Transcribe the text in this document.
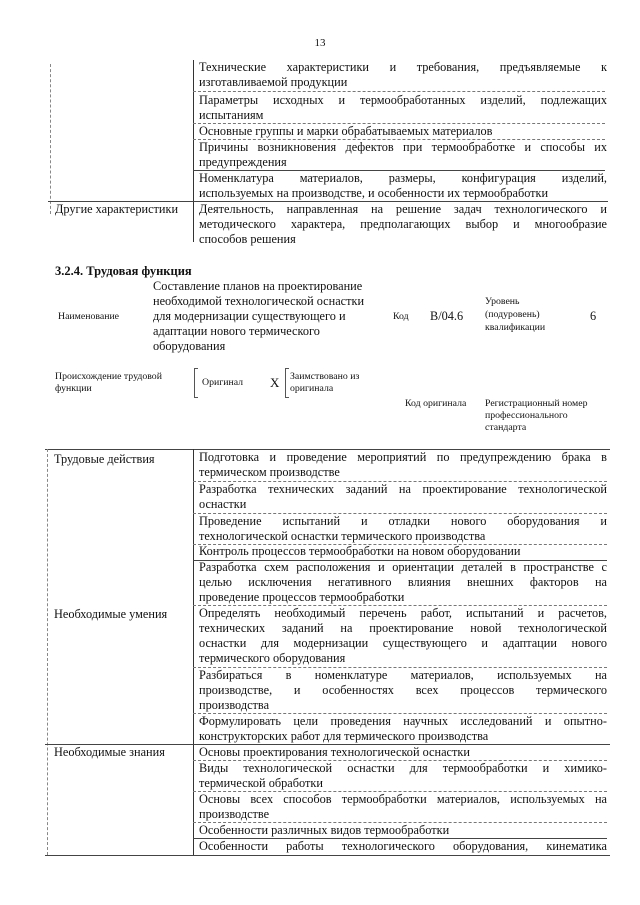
13
Технические характеристики и требования, предъявляемые к
изготавливаемой продукции
Параметры исходных и термообработанных изделий, подлежащих
испытаниям
Основные группы и марки обрабатываемых материалов
Причины возникновения дефектов при термообработке и способы их
предупреждения
Номенклатура материалов, размеры, конфигурация изделий,
используемых на производстве, и особенности их термообработки
Другие характеристики Деятельность, направленная на решение задач технологического и
методического характера, предполагающих выбор и многообразие
способов решения
3.2.4. Трудовая функция
Наименование
Составление планов на проектирование
необходимой технологической оснастки
для модернизации существующего и
адаптации нового термического
оборудования
Код B/04.6
Уровень
(подуровень)
квалификации
6
Происхождение трудовой
функции
Оригинал X Заимствовано из
оригинала
Код оригинала Регистрационный номер
профессионального
стандарта
Трудовые действия
Необходимые умения
Необходимые знания
Подготовка и проведение мероприятий по предупреждению брака в
термическом производстве
Разработка технических заданий на проектирование технологической
оснастки
Проведение испытаний и отладки нового оборудования и
технологической оснастки термического производства
Контроль процессов термообработки на новом оборудовании
Разработка схем расположения и ориентации деталей в пространстве с
целью исключения негативного влияния внешних факторов на
проведение процессов термообработки
Определять необходимый перечень работ, испытаний и расчетов,
технических заданий на проектирование новой технологической
оснастки для модернизации существующего и адаптации нового
термического оборудования
Разбираться в номенклатуре материалов, используемых на
производстве, и особенностях всех процессов термического
производства
Формулировать цели проведения научных исследований и опытно-
конструкторских работ для термического производства
Основы проектирования технологической оснастки
Виды технологической оснастки для термообработки и химико-
термической обработки
Основы всех способов термообработки материалов, используемых на
производстве
Особенности различных видов термообработки
Особенности работы технологического оборудования, кинематика
